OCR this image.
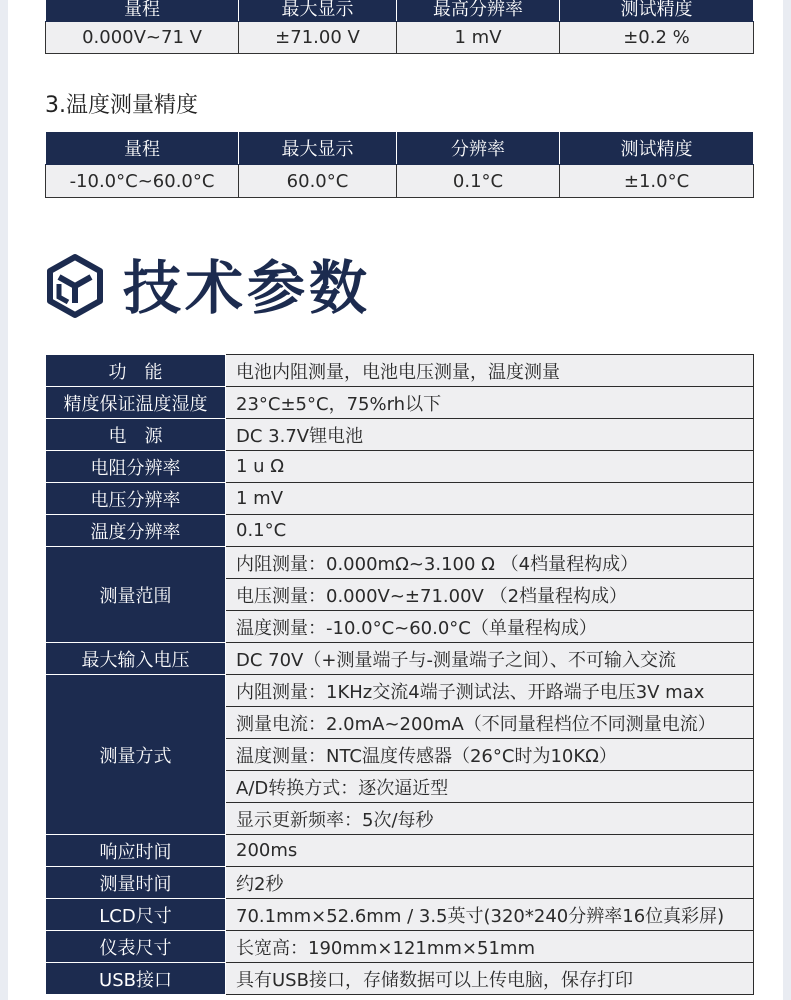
量程	最大显示	最高分辨率	测试精度
0.000V~71 V	±71.00 V	1 mV	±0.2 %
3.温度测量精度
量程	最大显示	分辨率	测试精度
-10.0°C~60.0°C	60.0°C	0.1°C	±1.0°C
技术参数
功　能	电池内阻测量，电池电压测量，温度测量
精度保证温度湿度	23°C±5°C，75%rh以下
电　源	DC 3.7V锂电池
电阻分辨率	1 u Ω
电压分辨率	1 mV
温度分辨率	0.1°C
测量范围	内阻测量：0.000mΩ~3.100 Ω （4档量程构成）
	电压测量：0.000V~±71.00V （2档量程构成）
	温度测量：-10.0°C~60.0°C（单量程构成）
最大输入电压	DC 70V（+测量端子与-测量端子之间）、不可输入交流
测量方式	内阻测量：1KHz交流4端子测试法、开路端子电压3V max
	测量电流：2.0mA~200mA（不同量程档位不同测量电流）
	温度测量：NTC温度传感器（26°C时为10KΩ）
	A/D转换方式：逐次逼近型
	显示更新频率：5次/每秒
响应时间	200ms
测量时间	约2秒
LCD尺寸	70.1mm×52.6mm / 3.5英寸(320*240分辨率16位真彩屏)
仪表尺寸	长宽高：190mm×121mm×51mm
USB接口	具有USB接口，存储数据可以上传电脑，保存打印
